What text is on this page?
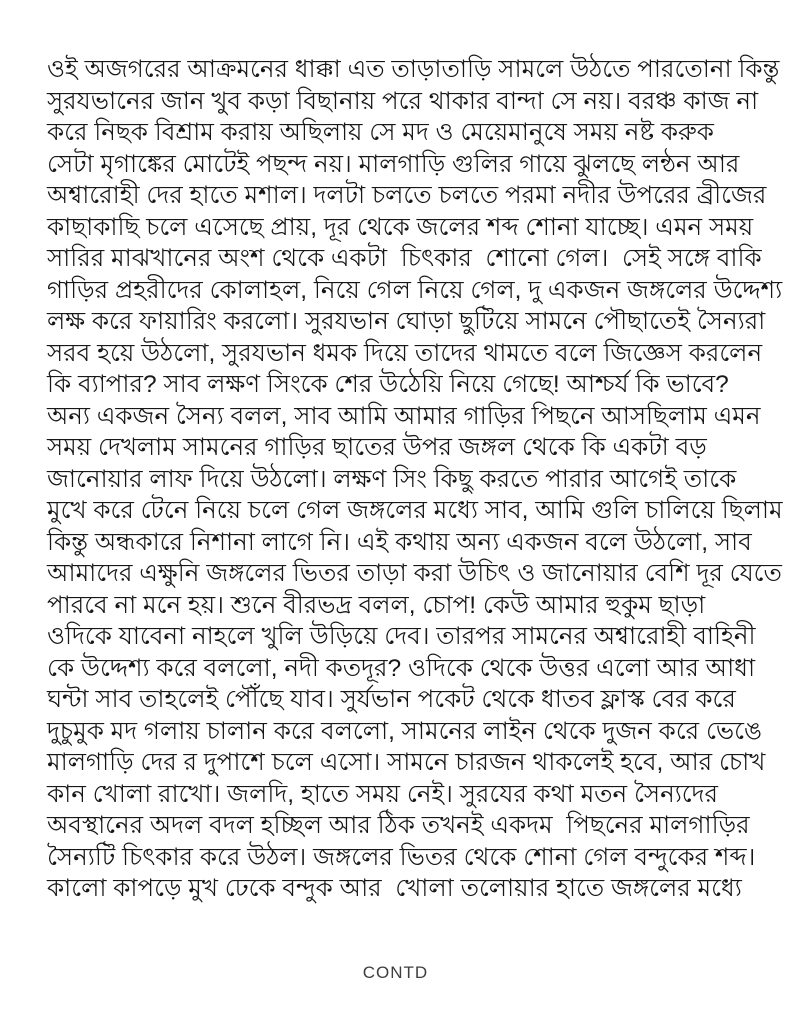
ওই অজগরের আক্রমনের ধাক্কা এত তাড়াতাড়ি সামলে উঠতে পারতোনা কিন্তু
সুরযভানের জান খুব কড়া বিছানায় পরে থাকার বান্দা সে নয়। বরঞ্চ কাজ না
করে নিছক বিশ্রাম করায় অছিলায় সে মদ ও মেয়েমানুষে সময় নষ্ট করুক
সেটা মৃগাঙ্কের মোটেই পছন্দ নয়। মালগাড়ি গুলির গায়ে ঝুলছে লন্ঠন আর
অশ্বারোহী দের হাতে মশাল। দলটা চলতে চলতে পরমা নদীর উপরের ব্রীজের
কাছাকাছি চলে এসেছে প্রায়, দূর থেকে জলের শব্দ শোনা যাচ্ছে। এমন সময়
সারির মাঝখানের অংশ থেকে একটা  চিৎকার  শোনো গেল।  সেই সঙ্গে বাকি
গাড়ির প্রহরীদের কোলাহল, নিয়ে গেল নিয়ে গেল, দু একজন জঙ্গলের উদ্দেশ্য
লক্ষ করে ফায়ারিং করলো। সুরযভান ঘোড়া ছুটিয়ে সামনে পৌছাতেই সৈন্যরা
সরব হয়ে উঠলো, সুরযভান ধমক দিয়ে তাদের থামতে বলে জিজ্ঞেস করলেন
কি ব্যাপার? সাব লক্ষণ সিংকে শের উঠেয়ি নিয়ে গেছে! আশ্চর্য কি ভাবে?
অন্য একজন সৈন্য বলল, সাব আমি আমার গাড়ির পিছনে আসছিলাম এমন
সময় দেখলাম সামনের গাড়ির ছাতের উপর জঙ্গল থেকে কি একটা বড়
জানোয়ার লাফ দিয়ে উঠলো। লক্ষণ সিং কিছু করতে পারার আগেই তাকে
মুখে করে টেনে নিয়ে চলে গেল জঙ্গলের মধ্যে সাব, আমি গুলি চালিয়ে ছিলাম
কিন্তু অন্ধকারে নিশানা লাগে নি। এই কথায় অন্য একজন বলে উঠলো, সাব
আমাদের এক্ষুনি জঙ্গলের ভিতর তাড়া করা উচিৎ ও জানোয়ার বেশি দূর যেতে
পারবে না মনে হয়। শুনে বীরভদ্র বলল, চোপ! কেউ আমার হুকুম ছাড়া
ওদিকে যাবেনা নাহলে খুলি উড়িয়ে দেব। তারপর সামনের অশ্বারোহী বাহিনী
কে উদ্দেশ্য করে বললো, নদী কতদূর? ওদিকে থেকে উত্তর এলো আর আধা
ঘন্টা সাব তাহলেই পৌঁছে যাব। সুর্যভান পকেট থেকে ধাতব ফ্লাস্ক বের করে
দুচুমুক মদ গলায় চালান করে বললো, সামনের লাইন থেকে দুজন করে ভেঙে
মালগাড়ি দের র দুপাশে চলে এসো। সামনে চারজন থাকলেই হবে, আর চোখ
কান খোলা রাখো। জলদি, হাতে সময় নেই। সুরযের কথা মতন সৈন্যদের
অবস্থানের অদল বদল হচ্ছিল আর ঠিক তখনই একদম  পিছনের মালগাড়ির
সৈন্যটি চিৎকার করে উঠল। জঙ্গলের ভিতর থেকে শোনা গেল বন্দুকের শব্দ।
কালো কাপড়ে মুখ ঢেকে বন্দুক আর  খোলা তলোয়ার হাতে জঙ্গলের মধ্যে
CONTD
